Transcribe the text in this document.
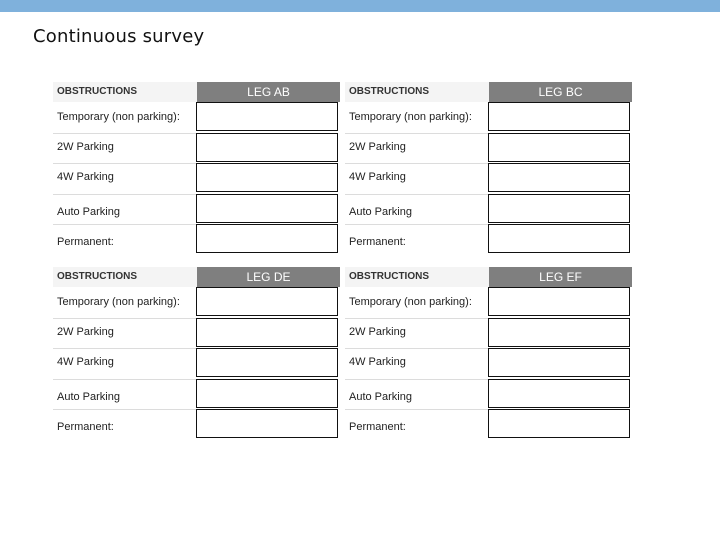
Continuous survey
OBSTRUCTIONS	LEG AB
Temporary (non parking):
2W Parking
4W Parking
Auto Parking
Permanent:
OBSTRUCTIONS	LEG BC
Temporary (non parking):
2W Parking
4W Parking
Auto Parking
Permanent:
OBSTRUCTIONS	LEG DE
Temporary (non parking):
2W Parking
4W Parking
Auto Parking
Permanent:
OBSTRUCTIONS	LEG EF
Temporary (non parking):
2W Parking
4W Parking
Auto Parking
Permanent:
